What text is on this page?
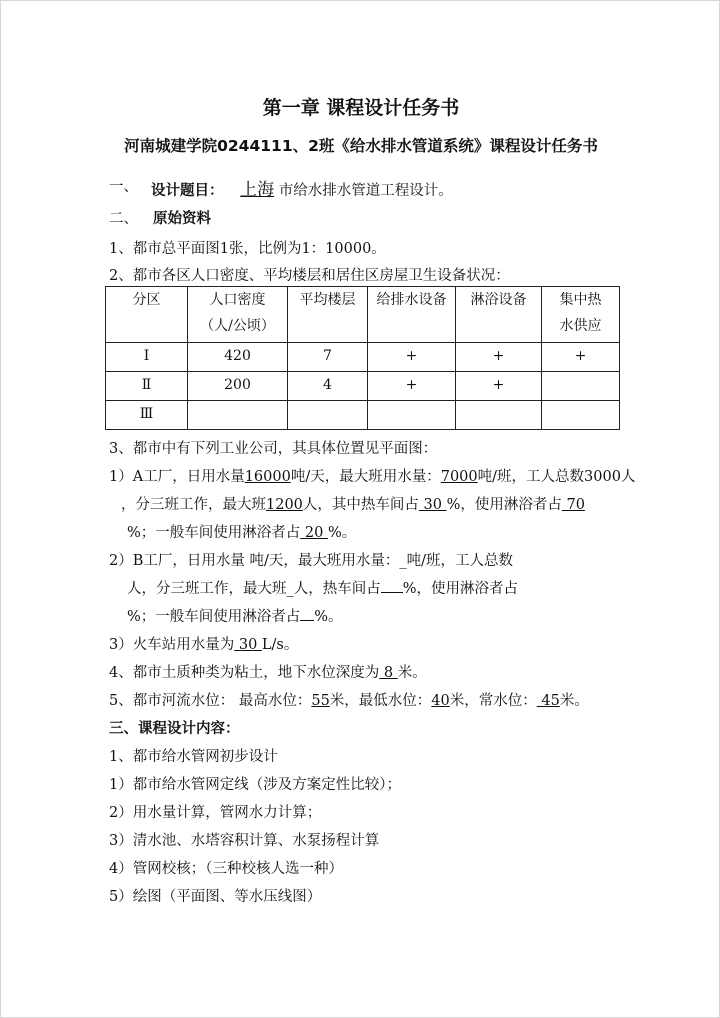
第一章 课程设计任务书
河南城建学院0244111、2班《给水排水管道系统》课程设计任务书
一、 设计题目： 上海 市给水排水管道工程设计。
二、 原始资料
1、都市总平面图1张，比例为1：10000。
2、都市各区人口密度、平均楼层和居住区房屋卫生设备状况：
分区	人口密度（人/公顷）	平均楼层	给排水设备	淋浴设备	集中热水供应
Ⅰ	420	7	+	+	+
Ⅱ	200	4	+	+	
Ⅲ					
3、都市中有下列工业公司，其具体位置见平面图：
1）A工厂，日用水量16000吨/天，最大班用水量：7000吨/班，工人总数3000人
，分三班工作，最大班1200人，其中热车间占 30 %，使用淋浴者占 70
%；一般车间使用淋浴者占 20 %。
2）B工厂，日用水量 吨/天，最大班用水量：_吨/班，工人总数
人，分三班工作，最大班_人，热车间占 %，使用淋浴者占
%；一般车间使用淋浴者占 %。
3）火车站用水量为 30 L/s。
4、都市土质种类为粘土，地下水位深度为 8 米。
5、都市河流水位： 最高水位：55米，最低水位：40米，常水位： 45米。
三、课程设计内容：
1、都市给水管网初步设计
1）都市给水管网定线（涉及方案定性比较）；
2）用水量计算，管网水力计算；
3）清水池、水塔容积计算、水泵扬程计算
4）管网校核；（三种校核人选一种）
5）绘图（平面图、等水压线图）
